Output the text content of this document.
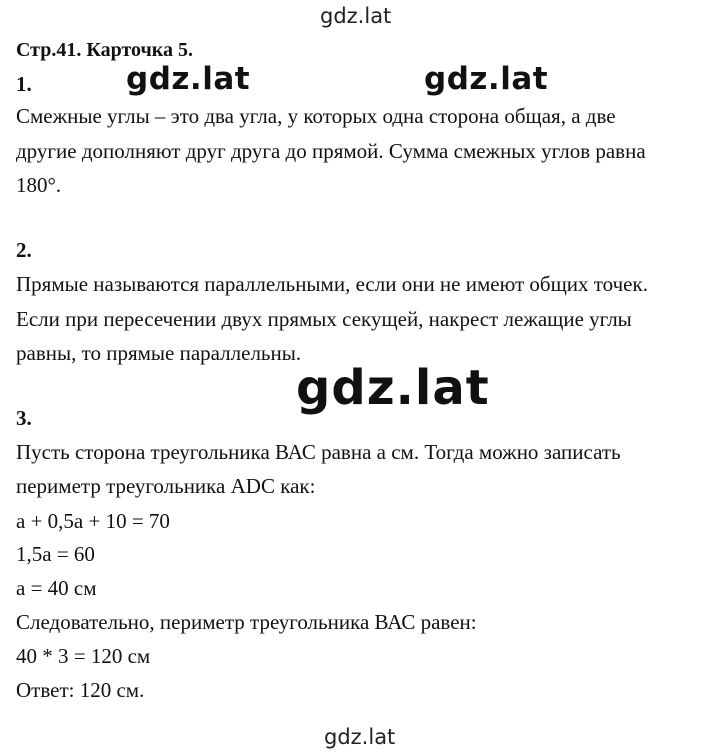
gdz.lat
gdz.lat	gdz.lat
gdz.lat
gdz.lat
Стр.41. Карточка 5.
1.
Смежные углы – это два угла, у которых одна сторона общая, а две
другие дополняют друг друга до прямой. Сумма смежных углов равна
180°.
2.
Прямые называются параллельными, если они не имеют общих точек.
Если при пересечении двух прямых секущей, накрест лежащие углы
равны, то прямые параллельны.
3.
Пусть сторона треугольника ВАС равна а см. Тогда можно записать
периметр треугольника ADC как:
a + 0,5a + 10 = 70
1,5a = 60
a = 40 см
Следовательно, периметр треугольника ВАС равен:
40 * 3 = 120 см
Ответ: 120 см.
